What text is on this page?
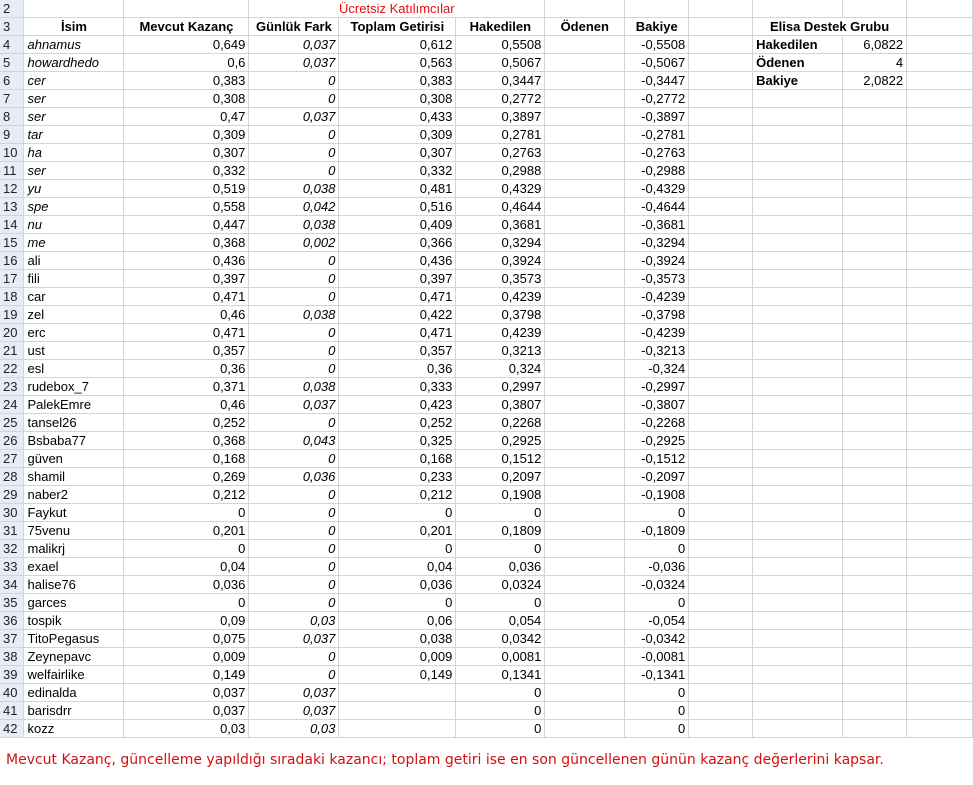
2			Ücretsiz Katılımcılar								
3	İsim	Mevcut Kazanç	Günlük Fark	Toplam Getirisi	Hakedilen	Ödenen	Bakiye		Elisa Destek Grubu		
4	ahnamus	0,649	0,037	0,612	0,5508		-0,5508		Hakedilen	6,0822	
5	howardhedo	0,6	0,037	0,563	0,5067		-0,5067		Ödenen	4	
6	cer	0,383	0	0,383	0,3447		-0,3447		Bakiye	2,0822	
7	ser	0,308	0	0,308	0,2772		-0,2772				
8	ser	0,47	0,037	0,433	0,3897		-0,3897				
9	tar	0,309	0	0,309	0,2781		-0,2781				
10	ha	0,307	0	0,307	0,2763		-0,2763				
11	ser	0,332	0	0,332	0,2988		-0,2988				
12	yu	0,519	0,038	0,481	0,4329		-0,4329				
13	spe	0,558	0,042	0,516	0,4644		-0,4644				
14	nu	0,447	0,038	0,409	0,3681		-0,3681				
15	me	0,368	0,002	0,366	0,3294		-0,3294				
16	ali	0,436	0	0,436	0,3924		-0,3924				
17	fili	0,397	0	0,397	0,3573		-0,3573				
18	car	0,471	0	0,471	0,4239		-0,4239				
19	zel	0,46	0,038	0,422	0,3798		-0,3798				
20	erc	0,471	0	0,471	0,4239		-0,4239				
21	ust	0,357	0	0,357	0,3213		-0,3213				
22	esl	0,36	0	0,36	0,324		-0,324				
23	rudebox_7	0,371	0,038	0,333	0,2997		-0,2997				
24	PalekEmre	0,46	0,037	0,423	0,3807		-0,3807				
25	tansel26	0,252	0	0,252	0,2268		-0,2268				
26	Bsbaba77	0,368	0,043	0,325	0,2925		-0,2925				
27	güven	0,168	0	0,168	0,1512		-0,1512				
28	shamil	0,269	0,036	0,233	0,2097		-0,2097				
29	naber2	0,212	0	0,212	0,1908		-0,1908				
30	Faykut	0	0	0	0		0				
31	75venu	0,201	0	0,201	0,1809		-0,1809				
32	malikrj	0	0	0	0		0				
33	exael	0,04	0	0,04	0,036		-0,036				
34	halise76	0,036	0	0,036	0,0324		-0,0324				
35	garces	0	0	0	0		0				
36	tospik	0,09	0,03	0,06	0,054		-0,054				
37	TitoPegasus	0,075	0,037	0,038	0,0342		-0,0342				
38	Zeynepavc	0,009	0	0,009	0,0081		-0,0081				
39	welfairlike	0,149	0	0,149	0,1341		-0,1341				
40	edinalda	0,037	0,037		0		0				
41	barisdrr	0,037	0,037		0		0				
42	kozz	0,03	0,03		0		0				
Mevcut Kazanç, güncelleme yapıldığı sıradaki kazancı; toplam getiri ise en son güncellenen günün kazanç değerlerini kapsar.
